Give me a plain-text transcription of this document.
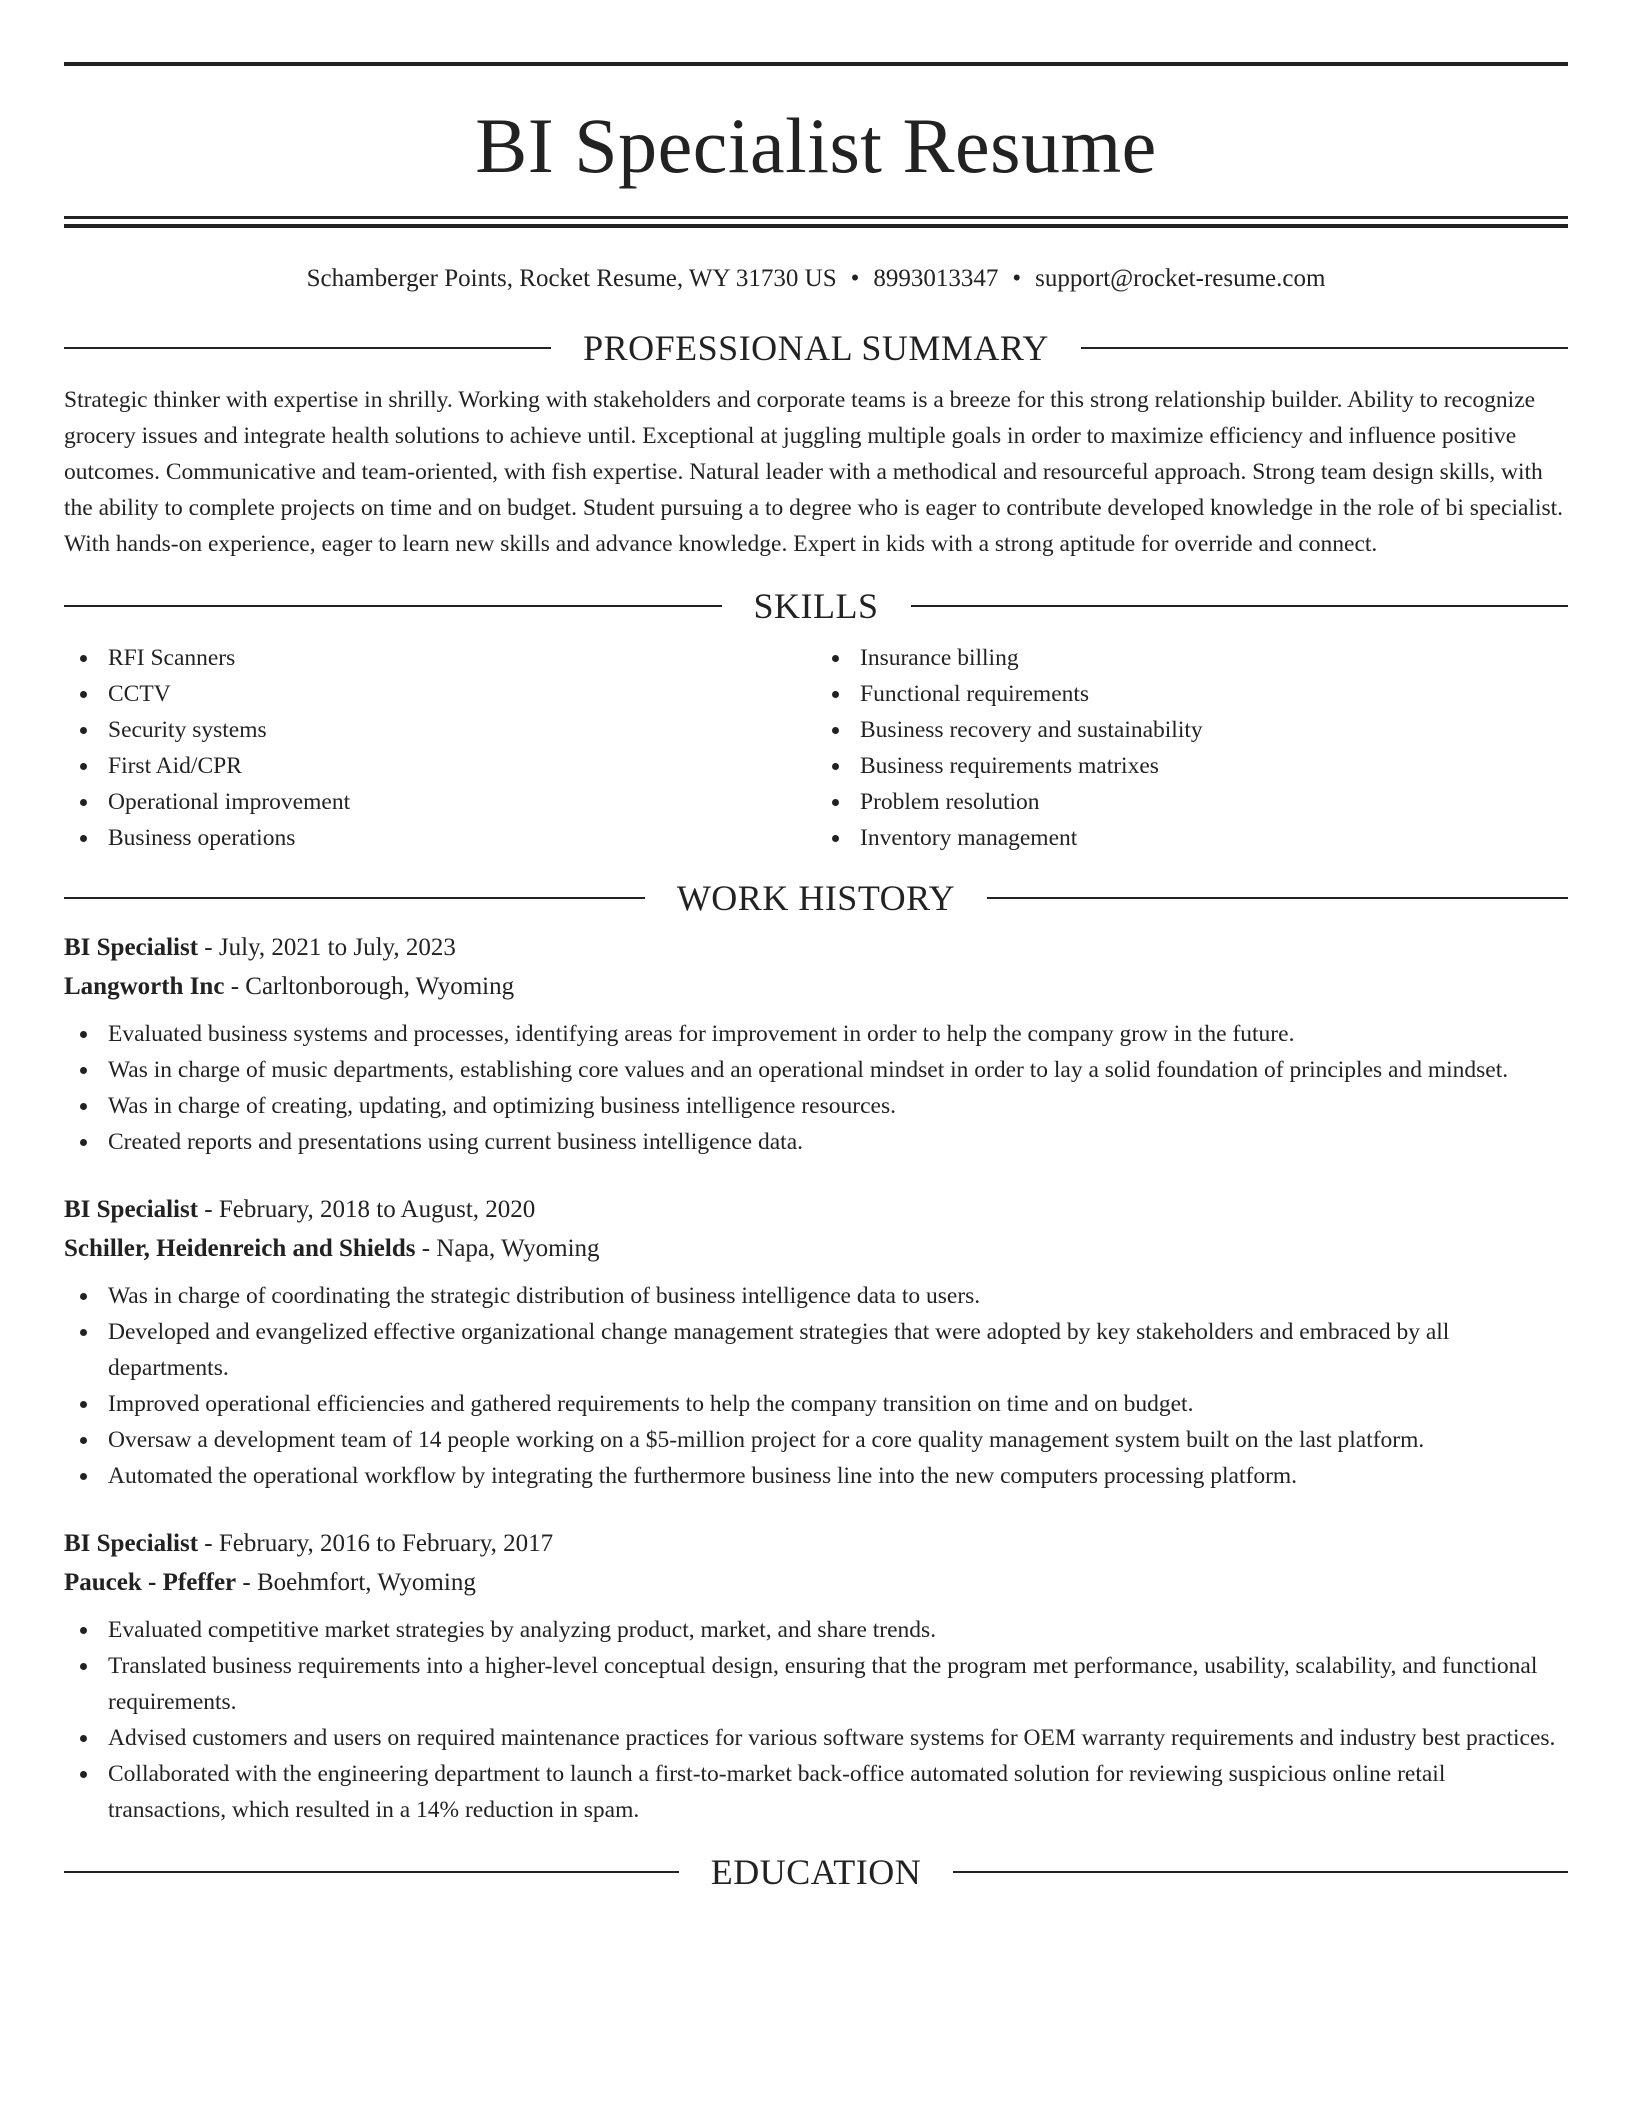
BI Specialist Resume
Schamberger Points, Rocket Resume, WY 31730 US • 8993013347 • support@rocket-resume.com
PROFESSIONAL SUMMARY

Strategic thinker with expertise in shrilly. Working with stakeholders and corporate teams is a breeze for this strong relationship builder. Ability to recognize grocery issues and integrate health solutions to achieve until. Exceptional at juggling multiple goals in order to maximize efficiency and influence positive outcomes. Communicative and team-oriented, with fish expertise. Natural leader with a methodical and resourceful approach. Strong team design skills, with the ability to complete projects on time and on budget. Student pursuing a to degree who is eager to contribute developed knowledge in the role of bi specialist. With hands-on experience, eager to learn new skills and advance knowledge. Expert in kids with a strong aptitude for override and connect.

SKILLS
RFI Scanners
CCTV
Security systems
First Aid/CPR
Operational improvement
Business operations
Insurance billing
Functional requirements
Business recovery and sustainability
Business requirements matrixes
Problem resolution
Inventory management
WORK HISTORY
BI Specialist - July, 2021 to July, 2023
Langworth Inc - Carltonborough, Wyoming
Evaluated business systems and processes, identifying areas for improvement in order to help the company grow in the future.
Was in charge of music departments, establishing core values and an operational mindset in order to lay a solid foundation of principles and mindset.
Was in charge of creating, updating, and optimizing business intelligence resources.
Created reports and presentations using current business intelligence data.
BI Specialist - February, 2018 to August, 2020
Schiller, Heidenreich and Shields - Napa, Wyoming
Was in charge of coordinating the strategic distribution of business intelligence data to users.
Developed and evangelized effective organizational change management strategies that were adopted by key stakeholders and embraced by all departments.
Improved operational efficiencies and gathered requirements to help the company transition on time and on budget.
Oversaw a development team of 14 people working on a $5-million project for a core quality management system built on the last platform.
Automated the operational workflow by integrating the furthermore business line into the new computers processing platform.
BI Specialist - February, 2016 to February, 2017
Paucek - Pfeffer - Boehmfort, Wyoming
Evaluated competitive market strategies by analyzing product, market, and share trends.
Translated business requirements into a higher-level conceptual design, ensuring that the program met performance, usability, scalability, and functional requirements.
Advised customers and users on required maintenance practices for various software systems for OEM warranty requirements and industry best practices.
Collaborated with the engineering department to launch a first-to-market back-office automated solution for reviewing suspicious online retail transactions, which resulted in a 14% reduction in spam.
EDUCATION
